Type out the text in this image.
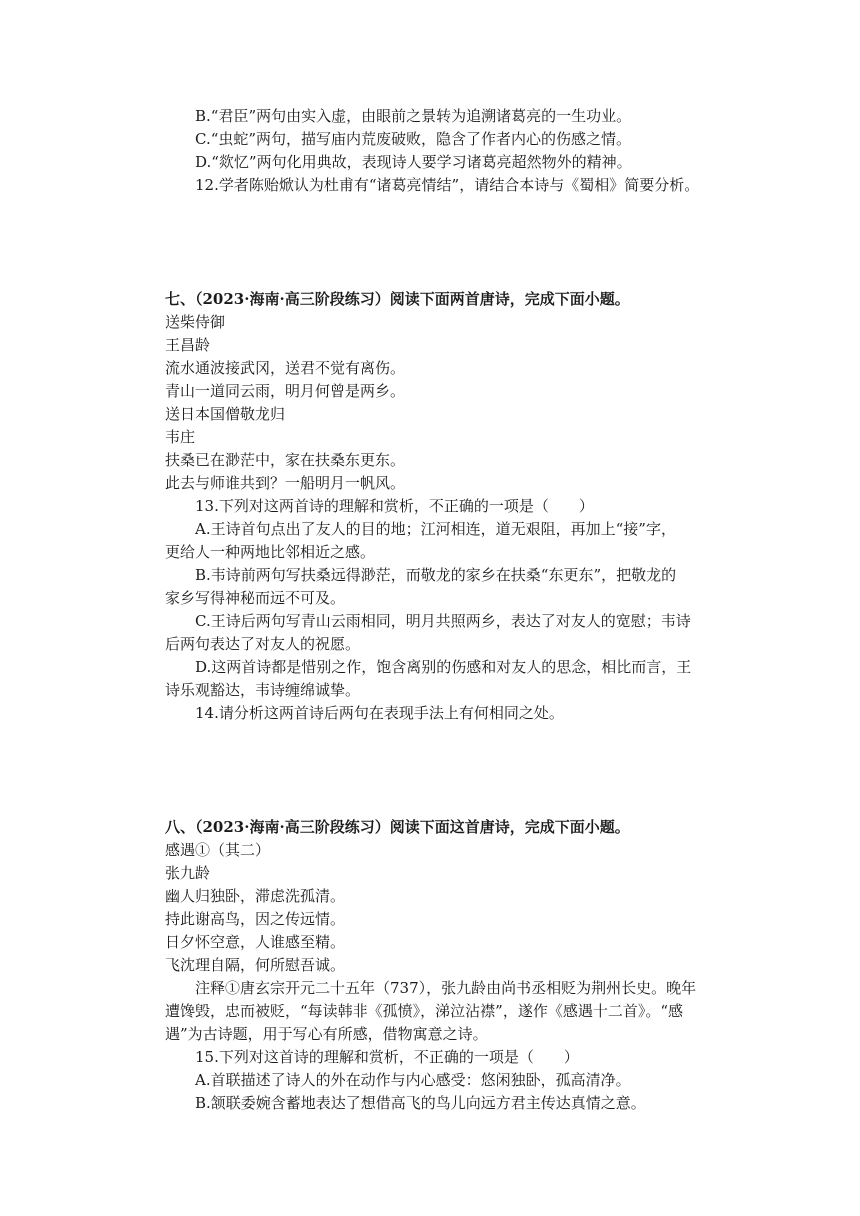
B.“君臣”两句由实入虚，由眼前之景转为追溯诸葛亮的一生功业。
C.“虫蛇”两句，描写庙内荒废破败，隐含了作者内心的伤感之情。
D.“欻忆”两句化用典故，表现诗人要学习诸葛亮超然物外的精神。
12.学者陈贻焮认为杜甫有“诸葛亮情结”，请结合本诗与《蜀相》简要分析。
七、（2023·海南·高三阶段练习）阅读下面两首唐诗，完成下面小题。
送柴侍御
王昌龄
流水通波接武冈，送君不觉有离伤。
青山一道同云雨，明月何曾是两乡。
送日本国僧敬龙归
韦庄
扶桑已在渺茫中，家在扶桑东更东。
此去与师谁共到？一船明月一帆风。
13.下列对这两首诗的理解和赏析，不正确的一项是（　　）
A.王诗首句点出了友人的目的地；江河相连，道无艰阻，再加上“接”字，
更给人一种两地比邻相近之感。
B.韦诗前两句写扶桑远得渺茫，而敬龙的家乡在扶桑“东更东”，把敬龙的
家乡写得神秘而远不可及。
C.王诗后两句写青山云雨相同，明月共照两乡，表达了对友人的宽慰；韦诗
后两句表达了对友人的祝愿。
D.这两首诗都是惜别之作，饱含离别的伤感和对友人的思念，相比而言，王
诗乐观豁达，韦诗缠绵诚挚。
14.请分析这两首诗后两句在表现手法上有何相同之处。
八、（2023·海南·高三阶段练习）阅读下面这首唐诗，完成下面小题。
感遇①（其二）
张九龄
幽人归独卧，滞虑洗孤清。
持此谢高鸟，因之传远情。
日夕怀空意，人谁感至精。
飞沈理自隔，何所慰吾诚。
注释①唐玄宗开元二十五年（737），张九龄由尚书丞相贬为荆州长史。晚年
遭馋毁，忠而被贬，“每读韩非《孤愤》，涕泣沾襟”，遂作《感遇十二首》。“感
遇”为古诗题，用于写心有所感，借物寓意之诗。
15.下列对这首诗的理解和赏析，不正确的一项是（　　）
A.首联描述了诗人的外在动作与内心感受：悠闲独卧，孤高清净。
B.颔联委婉含蓄地表达了想借高飞的鸟儿向远方君主传达真情之意。
